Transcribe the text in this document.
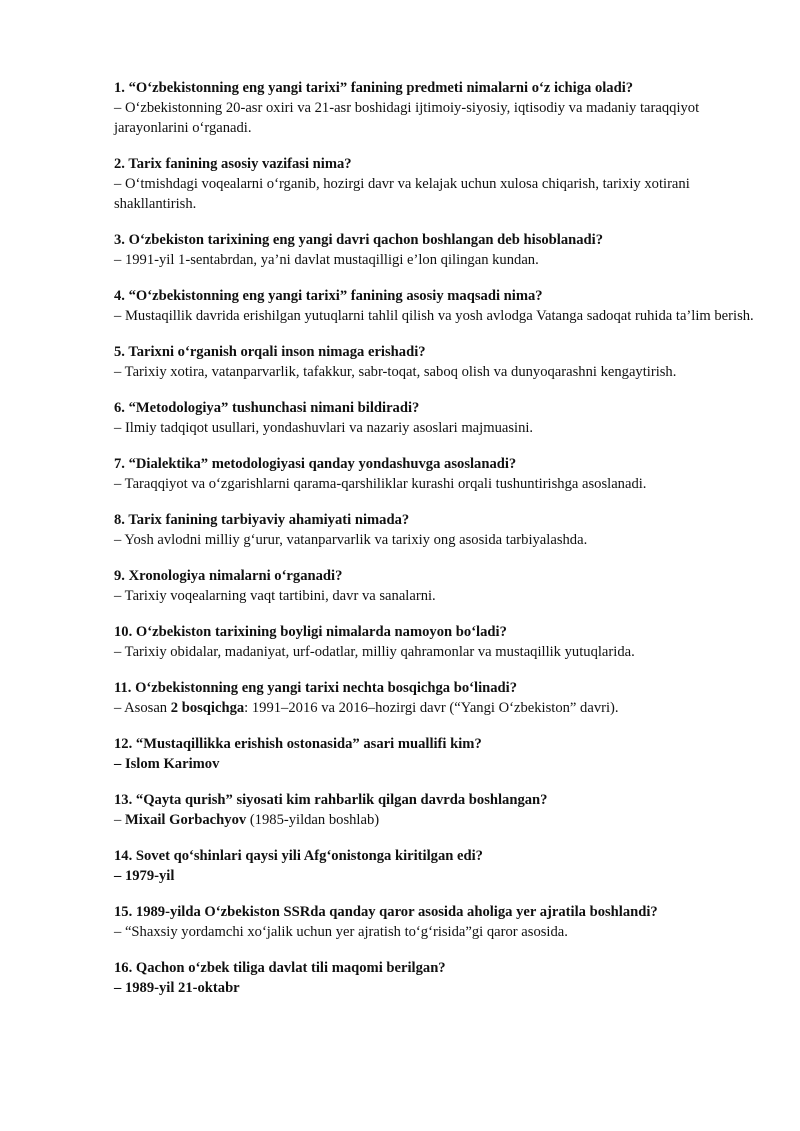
1. “O‘zbekistonning eng yangi tarixi” fanining predmeti nimalarni o‘z ichiga oladi?
– O‘zbekistonning 20-asr oxiri va 21-asr boshidagi ijtimoiy-siyosiy, iqtisodiy va madaniy taraqqiyot jarayonlarini o‘rganadi.
2. Tarix fanining asosiy vazifasi nima?
– O‘tmishdagi voqealarni o‘rganib, hozirgi davr va kelajak uchun xulosa chiqarish, tarixiy xotirani shakllantirish.
3. O‘zbekiston tarixining eng yangi davri qachon boshlangan deb hisoblanadi?
– 1991-yil 1-sentabrdan, ya’ni davlat mustaqilligi e’lon qilingan kundan.
4. “O‘zbekistonning eng yangi tarixi” fanining asosiy maqsadi nima?
– Mustaqillik davrida erishilgan yutuqlarni tahlil qilish va yosh avlodga Vatanga sadoqat ruhida ta’lim berish.
5. Tarixni o‘rganish orqali inson nimaga erishadi?
– Tarixiy xotira, vatanparvarlik, tafakkur, sabr-toqat, saboq olish va dunyoqarashni kengaytirish.
6. “Metodologiya” tushunchasi nimani bildiradi?
– Ilmiy tadqiqot usullari, yondashuvlari va nazariy asoslari majmuasini.
7. “Dialektika” metodologiyasi qanday yondashuvga asoslanadi?
– Taraqqiyot va o‘zgarishlarni qarama-qarshiliklar kurashi orqali tushuntirishga asoslanadi.
8. Tarix fanining tarbiyaviy ahamiyati nimada?
– Yosh avlodni milliy g‘urur, vatanparvarlik va tarixiy ong asosida tarbiyalashda.
9. Xronologiya nimalarni o‘rganadi?
– Tarixiy voqealarning vaqt tartibini, davr va sanalarni.
10. O‘zbekiston tarixining boyligi nimalarda namoyon bo‘ladi?
– Tarixiy obidalar, madaniyat, urf-odatlar, milliy qahramonlar va mustaqillik yutuqlarida.
11. O‘zbekistonning eng yangi tarixi nechta bosqichga bo‘linadi?
– Asosan 2 bosqichga: 1991–2016 va 2016–hozirgi davr (“Yangi O‘zbekiston” davri).
12. “Mustaqillikka erishish ostonasida” asari muallifi kim?
– Islom Karimov
13. “Qayta qurish” siyosati kim rahbarlik qilgan davrda boshlangan?
– Mixail Gorbachyov (1985-yildan boshlab)
14. Sovet qo‘shinlari qaysi yili Afg‘onistonga kiritilgan edi?
– 1979-yil
15. 1989-yilda O‘zbekiston SSRda qanday qaror asosida aholiga yer ajratila boshlandi?
– “Shaxsiy yordamchi xo‘jalik uchun yer ajratish to‘g‘risida”gi qaror asosida.
16. Qachon o‘zbek tiliga davlat tili maqomi berilgan?
– 1989-yil 21-oktabr
